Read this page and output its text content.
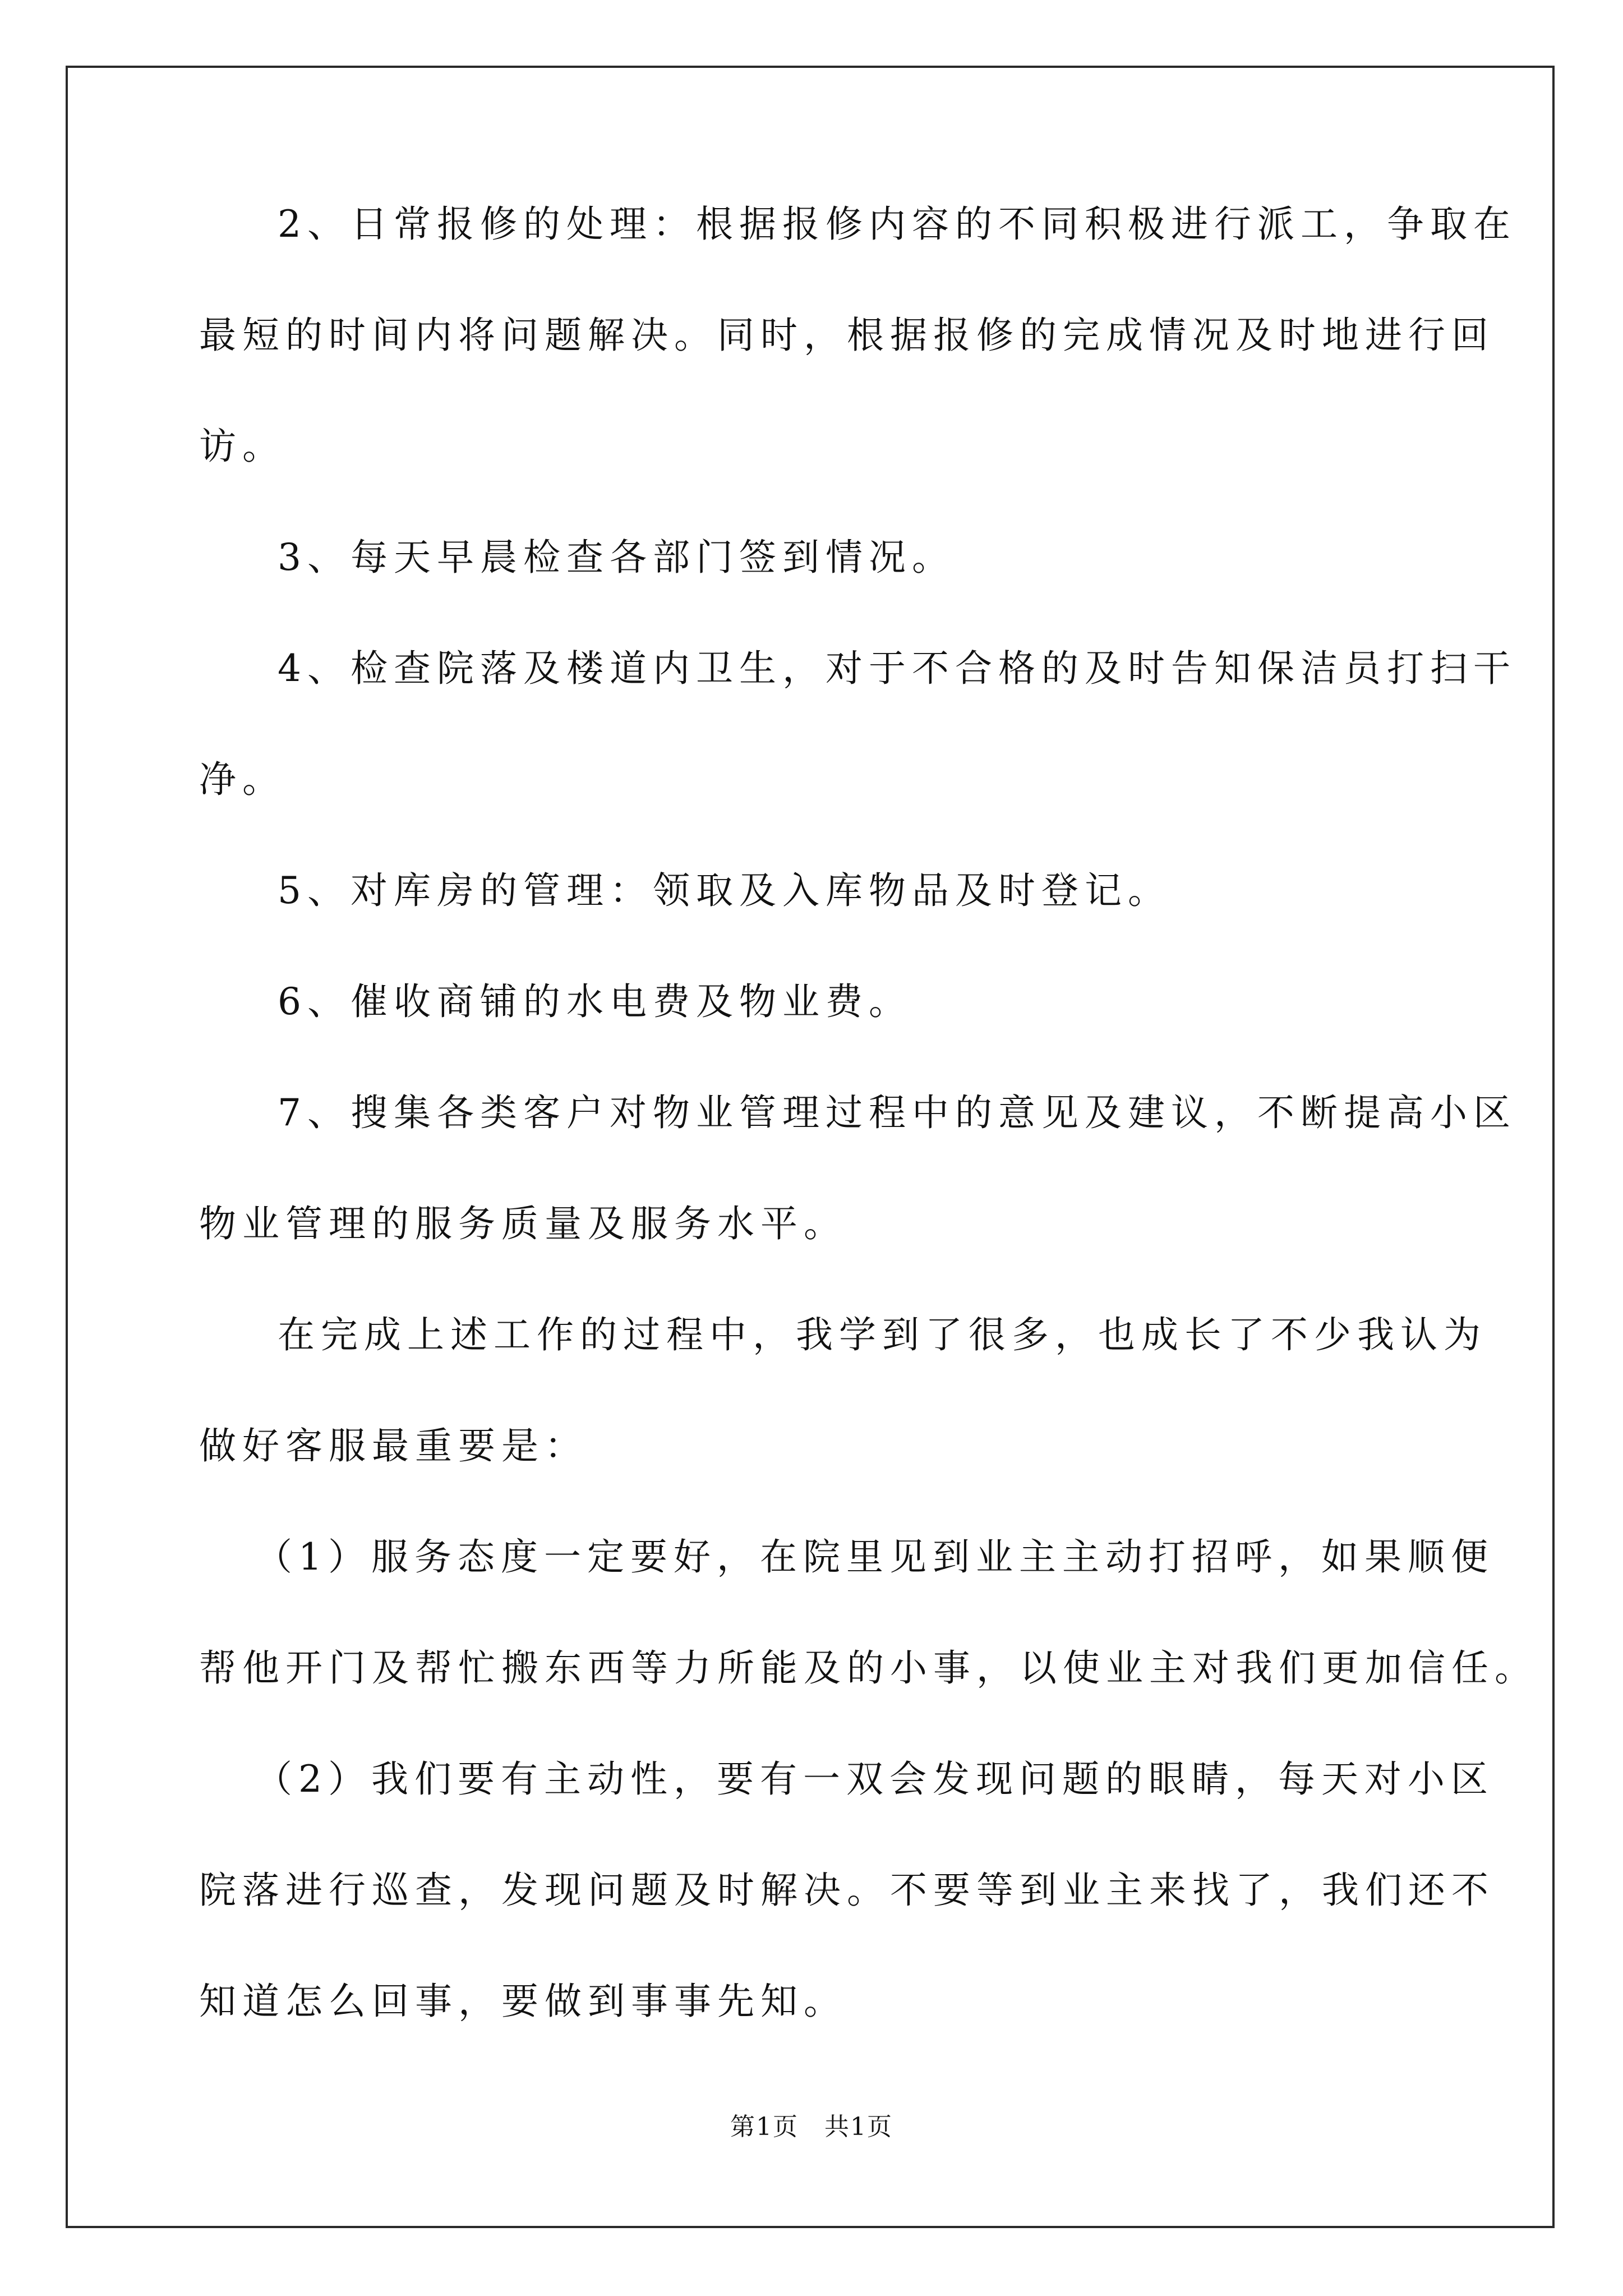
2、日常报修的处理：根据报修内容的不同积极进行派工，争取在
最短的时间内将问题解决。同时，根据报修的完成情况及时地进行回
访。
3、每天早晨检查各部门签到情况。
4、检查院落及楼道内卫生，对于不合格的及时告知保洁员打扫干
净。
5、对库房的管理：领取及入库物品及时登记。
6、催收商铺的水电费及物业费。
7、搜集各类客户对物业管理过程中的意见及建议，不断提高小区
物业管理的服务质量及服务水平。
在完成上述工作的过程中，我学到了很多，也成长了不少我认为
做好客服最重要是：
（1）服务态度一定要好，在院里见到业主主动打招呼，如果顺便
帮他开门及帮忙搬东西等力所能及的小事，以使业主对我们更加信任。
（2）我们要有主动性，要有一双会发现问题的眼睛，每天对小区
院落进行巡查，发现问题及时解决。不要等到业主来找了，我们还不
知道怎么回事，要做到事事先知。
第1页　共1页
